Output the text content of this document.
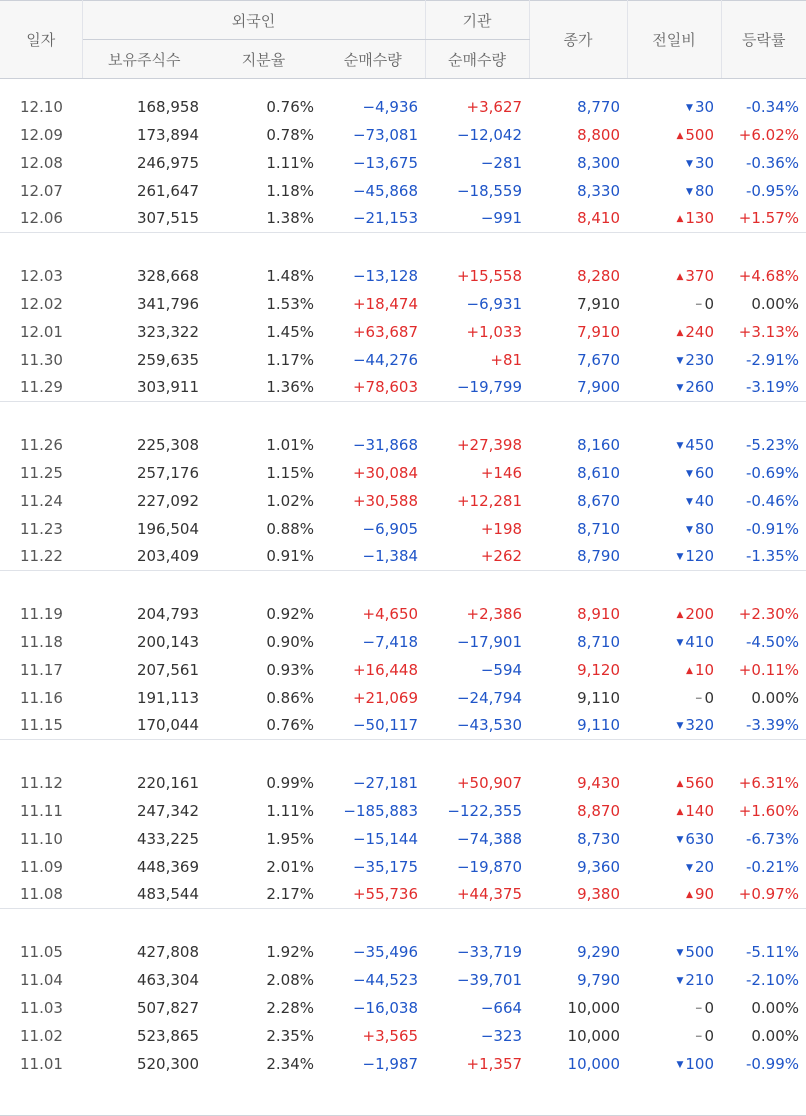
일자	외국인			기관	종가	전일비	등락률
	보유주식수	지분율	순매수량	순매수량			

12.10	168,958	0.76%	−4,936	+3,627	8,770	▼ 30	-0.34%
12.09	173,894	0.78%	−73,081	−12,042	8,800	▲ 500	+6.02%
12.08	246,975	1.11%	−13,675	−281	8,300	▼ 30	-0.36%
12.07	261,647	1.18%	−45,868	−18,559	8,330	▼ 80	-0.95%
12.06	307,515	1.38%	−21,153	−991	8,410	▲ 130	+1.57%

12.03	328,668	1.48%	−13,128	+15,558	8,280	▲ 370	+4.68%
12.02	341,796	1.53%	+18,474	−6,931	7,910	− 0	0.00%
12.01	323,322	1.45%	+63,687	+1,033	7,910	▲ 240	+3.13%
11.30	259,635	1.17%	−44,276	+81	7,670	▼ 230	-2.91%
11.29	303,911	1.36%	+78,603	−19,799	7,900	▼ 260	-3.19%

11.26	225,308	1.01%	−31,868	+27,398	8,160	▼ 450	-5.23%
11.25	257,176	1.15%	+30,084	+146	8,610	▼ 60	-0.69%
11.24	227,092	1.02%	+30,588	+12,281	8,670	▼ 40	-0.46%
11.23	196,504	0.88%	−6,905	+198	8,710	▼ 80	-0.91%
11.22	203,409	0.91%	−1,384	+262	8,790	▼ 120	-1.35%

11.19	204,793	0.92%	+4,650	+2,386	8,910	▲ 200	+2.30%
11.18	200,143	0.90%	−7,418	−17,901	8,710	▼ 410	-4.50%
11.17	207,561	0.93%	+16,448	−594	9,120	▲ 10	+0.11%
11.16	191,113	0.86%	+21,069	−24,794	9,110	− 0	0.00%
11.15	170,044	0.76%	−50,117	−43,530	9,110	▼ 320	-3.39%

11.12	220,161	0.99%	−27,181	+50,907	9,430	▲ 560	+6.31%
11.11	247,342	1.11%	−185,883	−122,355	8,870	▲ 140	+1.60%
11.10	433,225	1.95%	−15,144	−74,388	8,730	▼ 630	-6.73%
11.09	448,369	2.01%	−35,175	−19,870	9,360	▼ 20	-0.21%
11.08	483,544	2.17%	+55,736	+44,375	9,380	▲ 90	+0.97%

11.05	427,808	1.92%	−35,496	−33,719	9,290	▼ 500	-5.11%
11.04	463,304	2.08%	−44,523	−39,701	9,790	▼ 210	-2.10%
11.03	507,827	2.28%	−16,038	−664	10,000	− 0	0.00%
11.02	523,865	2.35%	+3,565	−323	10,000	− 0	0.00%
11.01	520,300	2.34%	−1,987	+1,357	10,000	▼ 100	-0.99%
